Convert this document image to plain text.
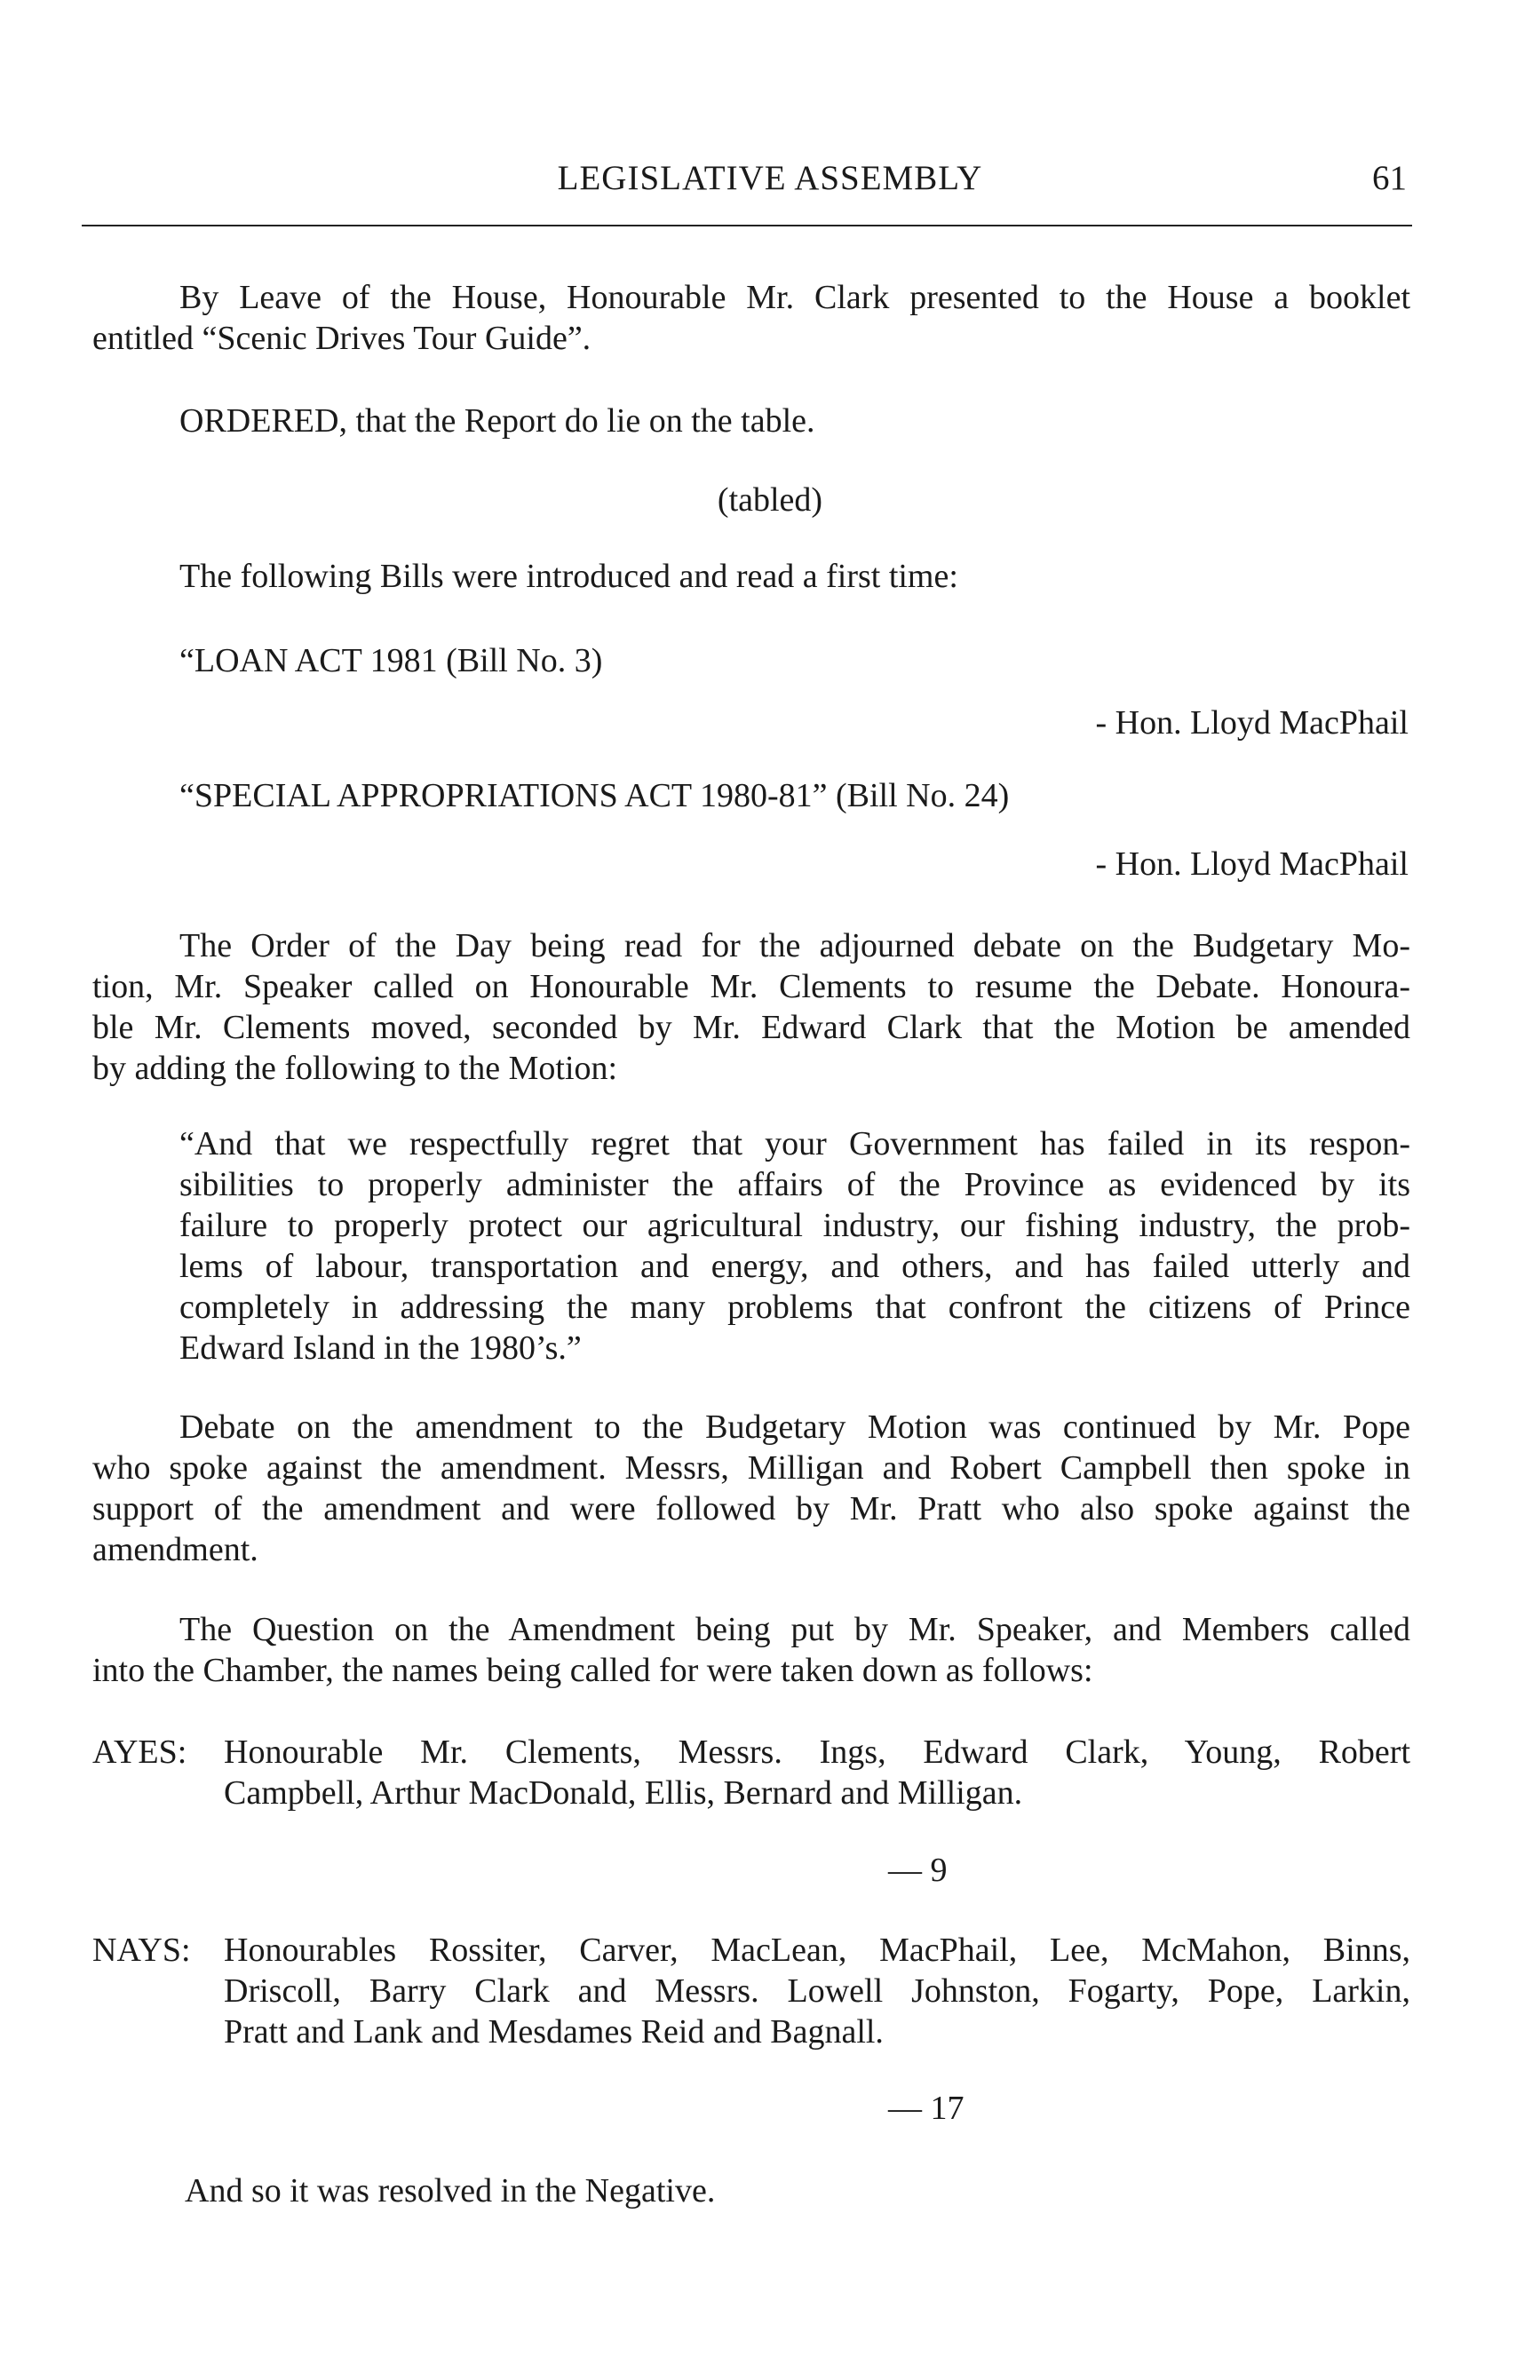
LEGISLATIVE ASSEMBLY	61
By Leave of the House, Honourable Mr. Clark presented to the House a booklet
entitled “Scenic Drives Tour Guide”.
ORDERED, that the Report do lie on the table.
(tabled)
The following Bills were introduced and read a first time:
“LOAN ACT 1981 (Bill No. 3)
- Hon. Lloyd MacPhail
“SPECIAL APPROPRIATIONS ACT 1980-81” (Bill No. 24)
- Hon. Lloyd MacPhail
The Order of the Day being read for the adjourned debate on the Budgetary Mo-
tion, Mr. Speaker called on Honourable Mr. Clements to resume the Debate. Honoura-
ble Mr. Clements moved, seconded by Mr. Edward Clark that the Motion be amended
by adding the following to the Motion:
“And that we respectfully regret that your Government has failed in its respon-
sibilities to properly administer the affairs of the Province as evidenced by its
failure to properly protect our agricultural industry, our fishing industry, the prob-
lems of labour, transportation and energy, and others, and has failed utterly and
completely in addressing the many problems that confront the citizens of Prince
Edward Island in the 1980’s.”
Debate on the amendment to the Budgetary Motion was continued by Mr. Pope
who spoke against the amendment. Messrs, Milligan and Robert Campbell then spoke in
support of the amendment and were followed by Mr. Pratt who also spoke against the
amendment.
The Question on the Amendment being put by Mr. Speaker, and Members called
into the Chamber, the names being called for were taken down as follows:
AYES: Honourable Mr. Clements, Messrs. Ings, Edward Clark, Young, Robert
Campbell, Arthur MacDonald, Ellis, Bernard and Milligan.
— 9
NAYS: Honourables Rossiter, Carver, MacLean, MacPhail, Lee, McMahon, Binns,
Driscoll, Barry Clark and Messrs. Lowell Johnston, Fogarty, Pope, Larkin,
Pratt and Lank and Mesdames Reid and Bagnall.
— 17
And so it was resolved in the Negative.
